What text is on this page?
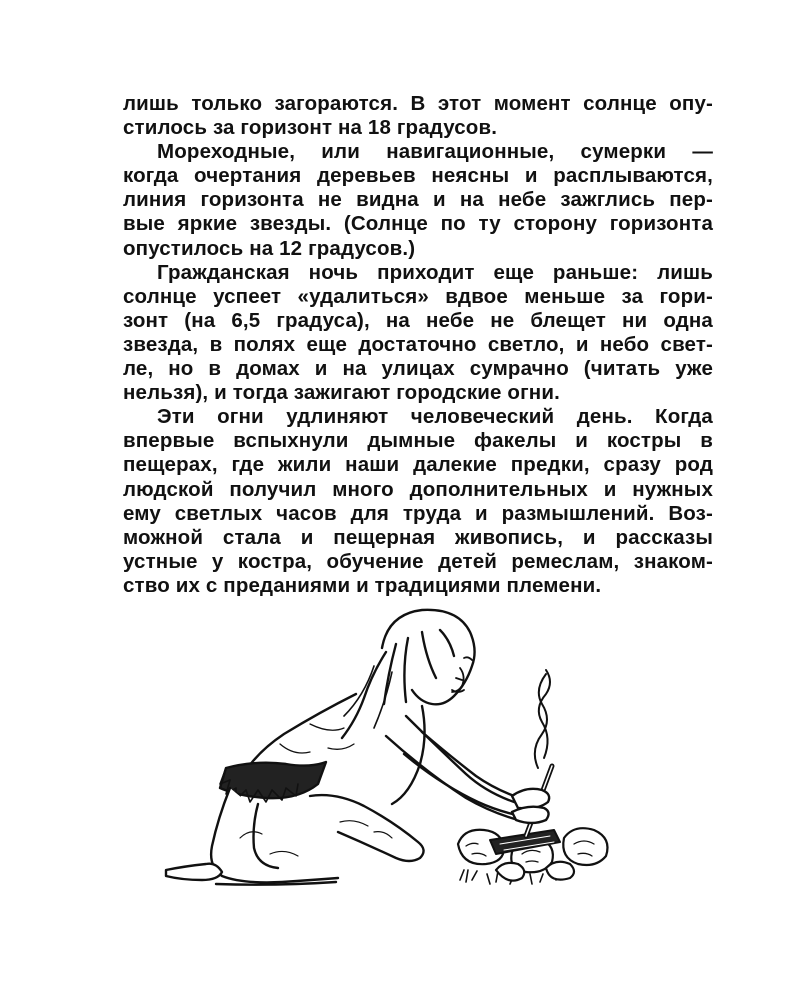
лишь только загораются. В этот момент солнце опу-
стилось за горизонт на 18 градусов.
Мореходные, или навигационные, сумерки —
когда очертания деревьев неясны и расплываются,
линия горизонта не видна и на небе зажглись пер-
вые яркие звезды. (Солнце по ту сторону горизонта
опустилось на 12 градусов.)
Гражданская ночь приходит еще раньше: лишь
солнце успеет «удалиться» вдвое меньше за гори-
зонт (на 6,5 градуса), на небе не блещет ни одна
звезда, в полях еще достаточно светло, и небо свет-
ле, но в домах и на улицах сумрачно (читать уже
нельзя), и тогда зажигают городские огни.
Эти огни удлиняют человеческий день. Когда
впервые вспыхнули дымные факелы и костры в
пещерах, где жили наши далекие предки, сразу род
людской получил много дополнительных и нужных
ему светлых часов для труда и размышлений. Воз-
можной стала и пещерная живопись, и рассказы
устные у костра, обучение детей ремеслам, знаком-
ство их с преданиями и традициями племени.
